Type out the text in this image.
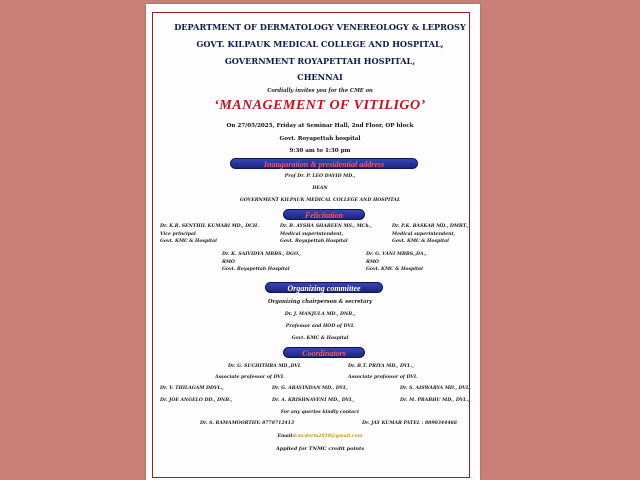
DEPARTMENT OF DERMATOLOGY VENEREOLOGY & LEPROSY
GOVT. KILPAUK MEDICAL COLLEGE AND HOSPITAL,
GOVERNMENT ROYAPETTAH HOSPITAL,
CHENNAI
Cordially invites you for the CME on
‘MANAGEMENT OF VITILIGO’
On 27/05/2025, Friday at Seminar Hall, 2nd Floor, OP block
Govt. Royapettah hospital
9:30 am to 1:30 pm
Inauguration & presidential address
Prof Dr. P. LEO DAVID MD.,
DEAN
GOVERNMENT KILPAUK MEDICAL COLLEGE AND HOSPITAL
Felicitation
Dr. K.R. SENTHIL KUMARI MD., DCH.
Vice principal
Govt. KMC & Hospital
Dr. B. AYSHA SHAREEN MS., MCh.,
Medical superintendent,
Govt. Royapettah Hospital
Dr. P.K. BASKAR MD., DMRT.,
Medical superintendent,
Govt. KMC & Hospital
Dr. K. SAIVIDYA MBBS., DGO.,
RMO
Govt. Royapettah Hospital
Dr. G. VANI MBBS.,DA.,
RMO
Govt. KMC & Hospital
Organizing committee
Organizing chairperson & secretary
Dr. J. MANJULA MD., DNB.,
Professor and HOD of DVL
Govt. KMC & Hospital
Coordinators
Dr. G. SUCHITHRA MD.,DVL
Associate professor of DVL
Dr. B.T. PRIYA MD., DVL.,
Associate professor of DVL
Dr. V. THILAGAM DDVL.,	Dr. G. ARAVINDAN MD., DVL,	Dr. S. AISWARYA MD., DVL,
Dr. JOE ANGELO DD., DNB.,	Dr. A. KRISHNAVENI MD., DVL,	Dr. M. PRABHU MD., DVL.,
For any queries kindly contact
Dr. S. RAMAMOORTHY: 8778712413	Dr. JAY KUMAR PATEL : 8890344466
Email:kmcderm2018@gmail.com
Applied for TNMC credit points
